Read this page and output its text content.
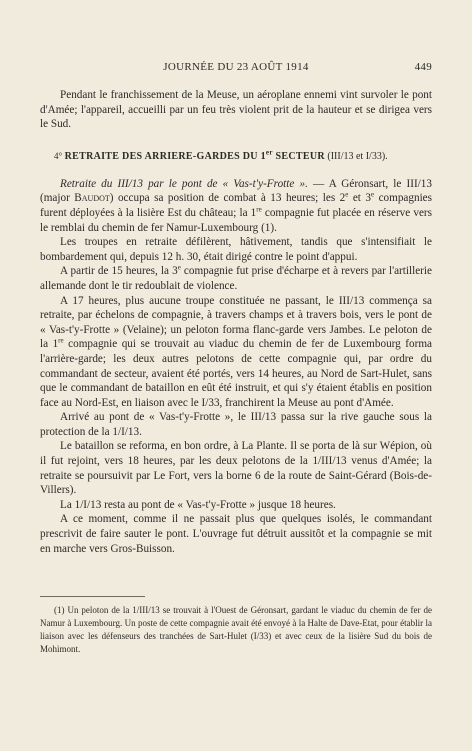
JOURNÉE DU 23 AOÛT 1914	449

Pendant le franchissement de la Meuse, un aéroplane ennemi vint survoler le pont d'Amée; l'appareil, accueilli par un feu très violent prit de la hauteur et se dirigea vers le Sud.

4° RETRAITE DES ARRIERE-GARDES DU 1er SECTEUR (III/13 et I/33).

Retraite du III/13 par le pont de « Vas-t'y-Frotte ». — A Géronsart, le III/13 (major Baudot) occupa sa position de combat à 13 heures; les 2e et 3e compagnies furent déployées à la lisière Est du château; la 1re compagnie fut placée en réserve vers le remblai du chemin de fer Namur-Luxembourg (1).

Les troupes en retraite défilèrent, hâtivement, tandis que s'intensifiait le bombardement qui, depuis 12 h. 30, était dirigé contre le point d'appui.

A partir de 15 heures, la 3e compagnie fut prise d'écharpe et à revers par l'artillerie allemande dont le tir redoublait de violence.

A 17 heures, plus aucune troupe constituée ne passant, le III/13 commença sa retraite, par échelons de compagnie, à travers champs et à travers bois, vers le pont de « Vas-t'y-Frotte » (Velaine); un peloton forma flanc-garde vers Jambes. Le peloton de la 1re compagnie qui se trouvait au viaduc du chemin de fer de Luxembourg forma l'arrière-garde; les deux autres pelotons de cette compagnie qui, par ordre du commandant de secteur, avaient été portés, vers 14 heures, au Nord de Sart-Hulet, sans que le commandant de bataillon en eût été instruit, et qui s'y étaient établis en position face au Nord-Est, en liaison avec le I/33, franchirent la Meuse au pont d'Amée.

Arrivé au pont de « Vas-t'y-Frotte », le III/13 passa sur la rive gauche sous la protection de la 1/I/13.

Le bataillon se reforma, en bon ordre, à La Plante. Il se porta de là sur Wépion, où il fut rejoint, vers 18 heures, par les deux pelotons de la 1/III/13 venus d'Amée; la retraite se poursuivit par Le Fort, vers la borne 6 de la route de Saint-Gérard (Bois-de-Villers).

La 1/I/13 resta au pont de « Vas-t'y-Frotte » jusque 18 heures.

A ce moment, comme il ne passait plus que quelques isolés, le commandant prescrivit de faire sauter le pont. L'ouvrage fut détruit aussitôt et la compagnie se mit en marche vers Gros-Buisson.

(1) Un peloton de la 1/III/13 se trouvait à l'Ouest de Géronsart, gardant le viaduc du chemin de fer de Namur à Luxembourg. Un poste de cette compagnie avait été envoyé à la Halte de Dave-Etat, pour établir la liaison avec les défenseurs des tranchées de Sart-Hulet (I/33) et avec ceux de la lisière Sud du bois de Mohimont.
